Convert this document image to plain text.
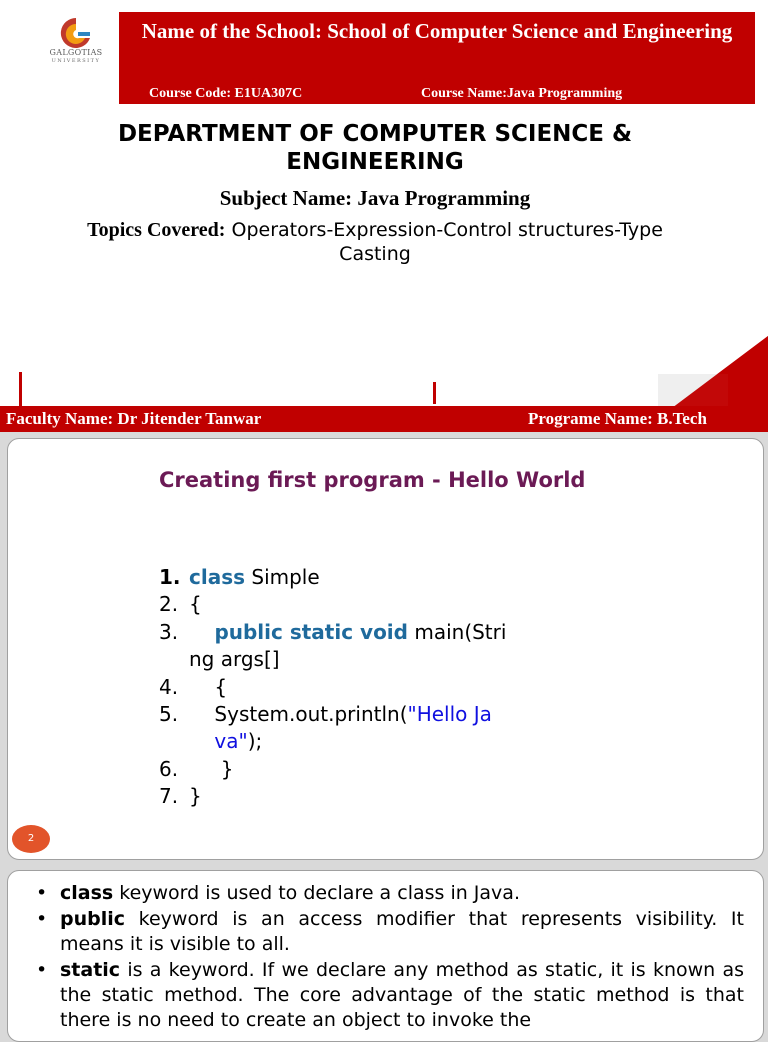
GALGOTIAS
UNIVERSITY
Name of the School: School of Computer Science and Engineering
Course Code: E1UA307C	Course Name:Java Programming
DEPARTMENT OF COMPUTER SCIENCE & ENGINEERING
Subject Name: Java Programming
Topics Covered: Operators-Expression-Control structures-Type Casting
Faculty Name: Dr Jitender Tanwar	Programe Name: B.Tech
Creating first program - Hello World
1. class Simple
2. {
3. public static void main(Stri
ng args[]
4.    {
5.    System.out.println("Hello Ja
va");
6.     }
7. }
2
• class keyword is used to declare a class in Java.
• public keyword is an access modifier that represents visibility. It means it is visible to all.
• static is a keyword. If we declare any method as static, it is known as the static method. The core advantage of the static method is that there is no need to create an object to invoke the
